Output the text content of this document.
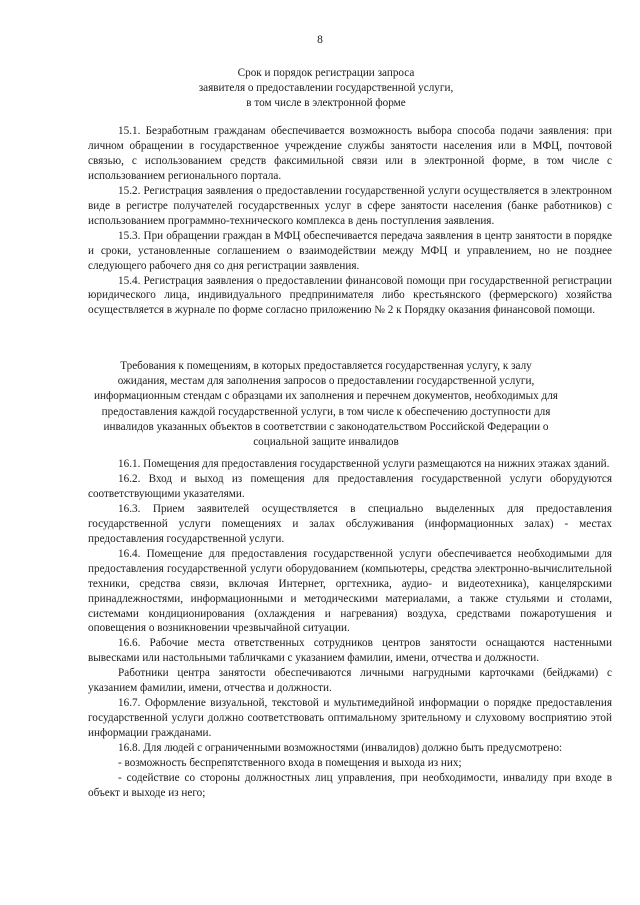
8
Срок и порядок регистрации запроса
заявителя о предоставлении государственной услуги,
в том числе в электронной форме

15.1. Безработным гражданам обеспечивается возможность выбора способа подачи заявления: при личном обращении в государственное учреждение службы занятости населения или в МФЦ, почтовой связью, с использованием средств факсимильной связи или в электронной форме, в том числе с использованием регионального портала.

15.2. Регистрация заявления о предоставлении государственной услуги осуществляется в электронном виде в регистре получателей государственных услуг в сфере занятости населения (банке работников) с использованием программно-технического комплекса в день поступления заявления.

15.3. При обращении граждан в МФЦ обеспечивается передача заявления в центр занятости в порядке и сроки, установленные соглашением о взаимодействии между МФЦ и управлением, но не позднее следующего рабочего дня со дня регистрации заявления.

15.4. Регистрация заявления о предоставлении финансовой помощи при государственной регистрации юридического лица, индивидуального предпринимателя либо крестьянского (фермерского) хозяйства осуществляется в журнале по форме согласно приложению № 2 к Порядку оказания финансовой помощи.

Требования к помещениям, в которых предоставляется государственная услугу, к залу
ожидания, местам для заполнения запросов о предоставлении государственной услуги,
информационным стендам с образцами их заполнения и перечнем документов, необходимых для
предоставления каждой государственной услуги, в том числе к обеспечению доступности для
инвалидов указанных объектов в соответствии с законодательством Российской Федерации о
социальной защите инвалидов

16.1. Помещения для предоставления государственной услуги размещаются на нижних этажах зданий.

16.2. Вход и выход из помещения для предоставления государственной услуги оборудуются соответствующими указателями.

16.3. Прием заявителей осуществляется в специально выделенных для предоставления государственной услуги помещениях и залах обслуживания (информационных залах) - местах предоставления государственной услуги.

16.4. Помещение для предоставления государственной услуги обеспечивается необходимыми для предоставления государственной услуги оборудованием (компьютеры, средства электронно-вычислительной техники, средства связи, включая Интернет, оргтехника, аудио- и видеотехника), канцелярскими принадлежностями, информационными и методическими материалами, а также стульями и столами, системами кондиционирования (охлаждения и нагревания) воздуха, средствами пожаротушения и оповещения о возникновении чрезвычайной ситуации.

16.6. Рабочие места ответственных сотрудников центров занятости оснащаются настенными вывесками или настольными табличками с указанием фамилии, имени, отчества и должности.

Работники центра занятости обеспечиваются личными нагрудными карточками (бейджами) с указанием фамилии, имени, отчества и должности.

16.7. Оформление визуальной, текстовой и мультимедийной информации о порядке предоставления государственной услуги должно соответствовать оптимальному зрительному и слуховому восприятию этой информации гражданами.

16.8. Для людей с ограниченными возможностями (инвалидов) должно быть предусмотрено:

- возможность беспрепятственного входа в помещения и выхода из них;

- содействие со стороны должностных лиц управления, при необходимости, инвалиду при входе в объект и выходе из него;
